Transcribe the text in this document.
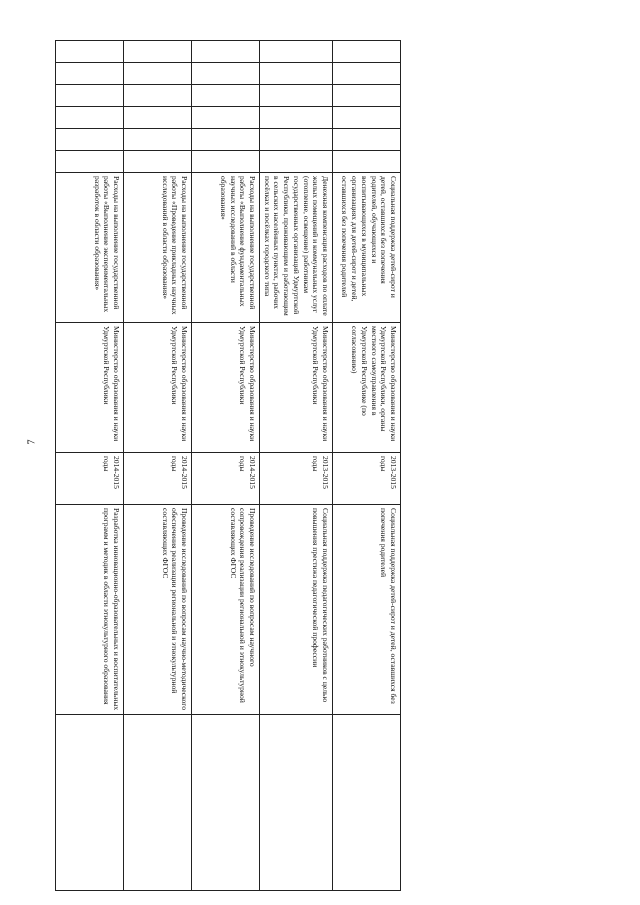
7
						Социальная поддержка детей-сирот и детей, оставшихся без попечения родителей, обучающихся и воспитывающихся в муниципальных организациях для детей-сирот и детей, оставшихся без попечения родителей	Министерство образования и науки Удмуртской Республики, органы местного самоуправления в Удмуртской Республике (по согласованию)	2013-2015 годы	Социальная поддержка детей-сирот и детей, оставшихся без попечения родителей	
						Денежная компенсация расходов по оплате жилых помещений и коммунальных услуг (отопление, освещение) работникам государственных организаций Удмуртской Республики, проживающим и работающим в сельских населённых пунктах, рабочих посёлках и посёлках городского типа	Министерство образования и науки Удмуртской Республики	2013-2015 годы	Социальная поддержка педагогических работников с целью повышения престижа педагогической профессии	
						Расходы на выполнение государственной работы «Выполнение фундаментальных научных исследований в области образования»	Министерство образования и науки Удмуртской Республики	2014-2015 годы	Проведение исследований по вопросам научного сопровождения реализации региональной и этнокультурной составляющих ФГОС	
						Расходы на выполнение государственной работы «Проведение прикладных научных исследований в области образования»	Министерство образования и науки Удмуртской Республики	2014-2015 годы	Проведение исследований по вопросам научно-методического обеспечения реализации региональной и этнокультурной составляющих ФГОС	
						Расходы на выполнение государственной работы «Выполнение экспериментальных разработок в области образования»	Министерство образования и науки Удмуртской Республики	2014-2015 годы	Разработка инновационно-образовательных и воспитательных программ и методик в области этнокультурного образования	
